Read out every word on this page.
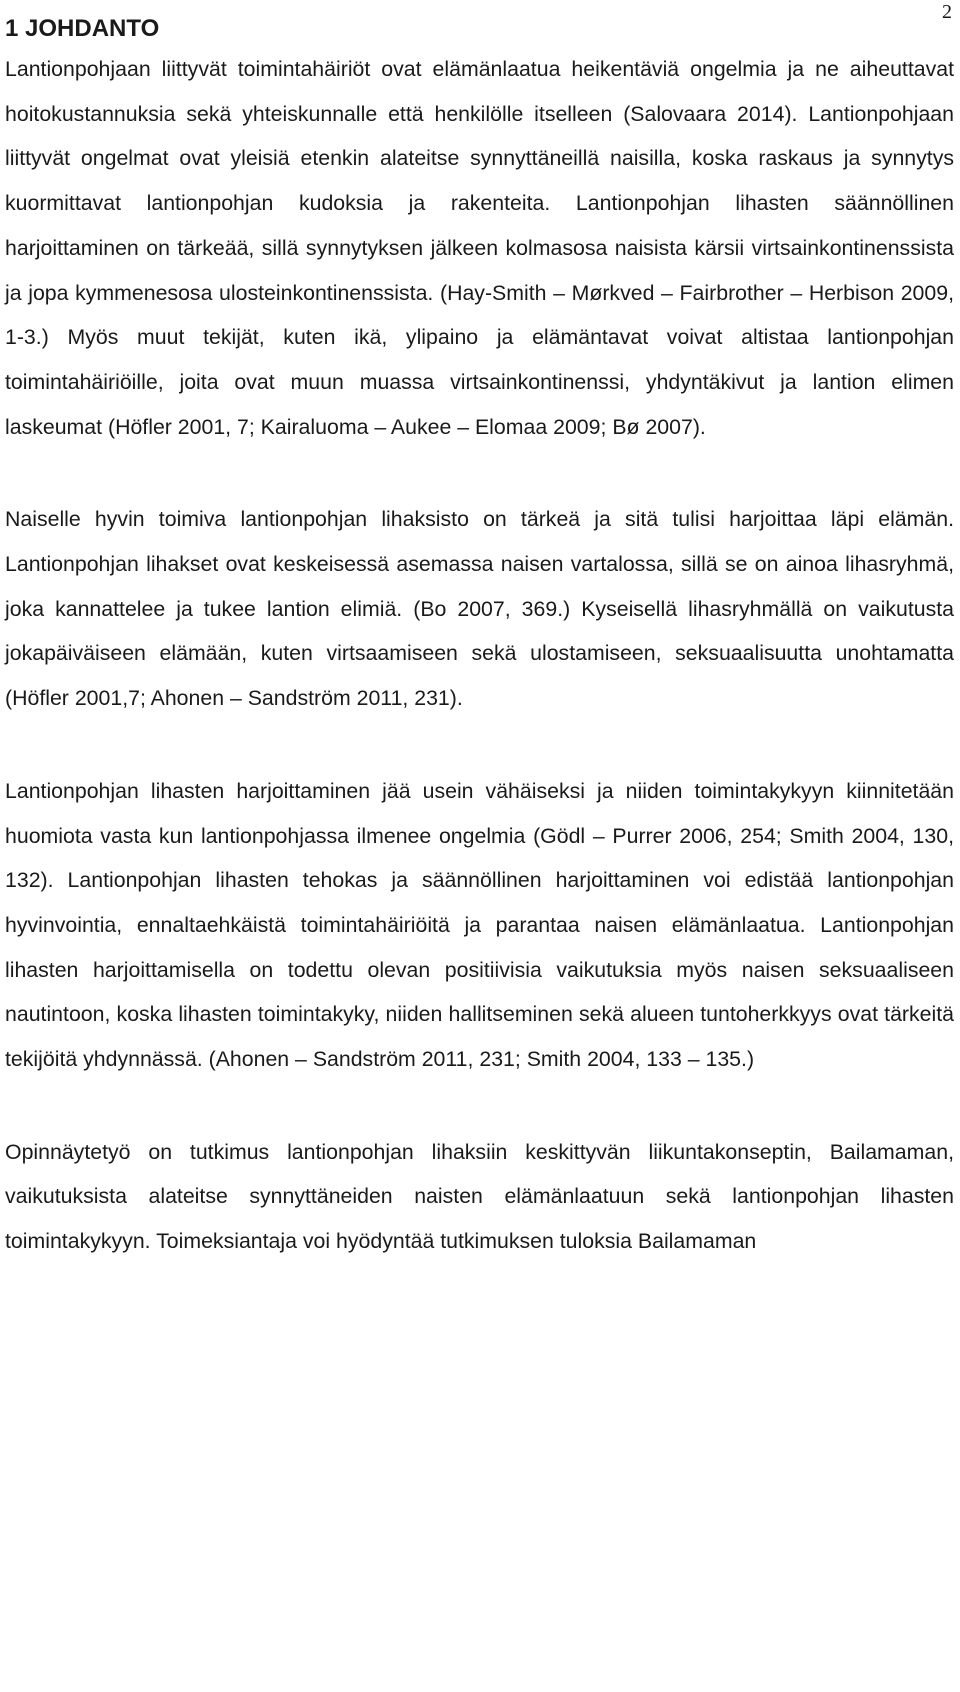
2
1 JOHDANTO

Lantionpohjaan liittyvät toimintahäiriöt ovat elämänlaatua heikentäviä ongelmia ja ne aiheuttavat hoitokustannuksia sekä yhteiskunnalle että henkilölle itselleen (Salovaara 2014). Lantionpohjaan liittyvät ongelmat ovat yleisiä etenkin alateitse synnyttäneillä naisilla, koska raskaus ja synnytys kuormittavat lantionpohjan kudoksia ja rakenteita. Lantionpohjan lihasten säännöllinen harjoittaminen on tärkeää, sillä synnytyksen jälkeen kolmasosa naisista kärsii virtsainkontinenssista ja jopa kymmenesosa ulosteinkontinenssista. (Hay-Smith – Mørkved – Fairbrother – Herbison 2009, 1-3.) Myös muut tekijät, kuten ikä, ylipaino ja elämäntavat voivat altistaa lantionpohjan toimintahäiriöille, joita ovat muun muassa virtsainkontinenssi, yhdyntäkivut ja lantion elimen laskeumat (Höfler 2001, 7; Kairaluoma – Aukee – Elomaa 2009; Bø 2007).

Naiselle hyvin toimiva lantionpohjan lihaksisto on tärkeä ja sitä tulisi harjoittaa läpi elämän. Lantionpohjan lihakset ovat keskeisessä asemassa naisen vartalossa, sillä se on ainoa lihasryhmä, joka kannattelee ja tukee lantion elimiä. (Bo 2007, 369.) Kyseisellä lihasryhmällä on vaikutusta jokapäiväiseen elämään, kuten virtsaamiseen sekä ulostamiseen, seksuaalisuutta unohtamatta (Höfler 2001,7; Ahonen – Sandström 2011, 231).

Lantionpohjan lihasten harjoittaminen jää usein vähäiseksi ja niiden toimintakykyyn kiinnitetään huomiota vasta kun lantionpohjassa ilmenee ongelmia (Gödl – Purrer 2006, 254; Smith 2004, 130, 132). Lantionpohjan lihasten tehokas ja säännöllinen harjoittaminen voi edistää lantionpohjan hyvinvointia, ennaltaehkäistä toimintahäiriöitä ja parantaa naisen elämänlaatua. Lantionpohjan lihasten harjoittamisella on todettu olevan positiivisia vaikutuksia myös naisen seksuaaliseen nautintoon, koska lihasten toimintakyky, niiden hallitseminen sekä alueen tuntoherkkyys ovat tärkeitä tekijöitä yhdynnässä. (Ahonen – Sandström 2011, 231; Smith 2004, 133 – 135.)

Opinnäytetyö on tutkimus lantionpohjan lihaksiin keskittyvän liikuntakonseptin, Bailamaman, vaikutuksista alateitse synnyttäneiden naisten elämänlaatuun sekä lantionpohjan lihasten toimintakykyyn. Toimeksiantaja voi hyödyntää tutkimuksen tuloksia Bailamaman
